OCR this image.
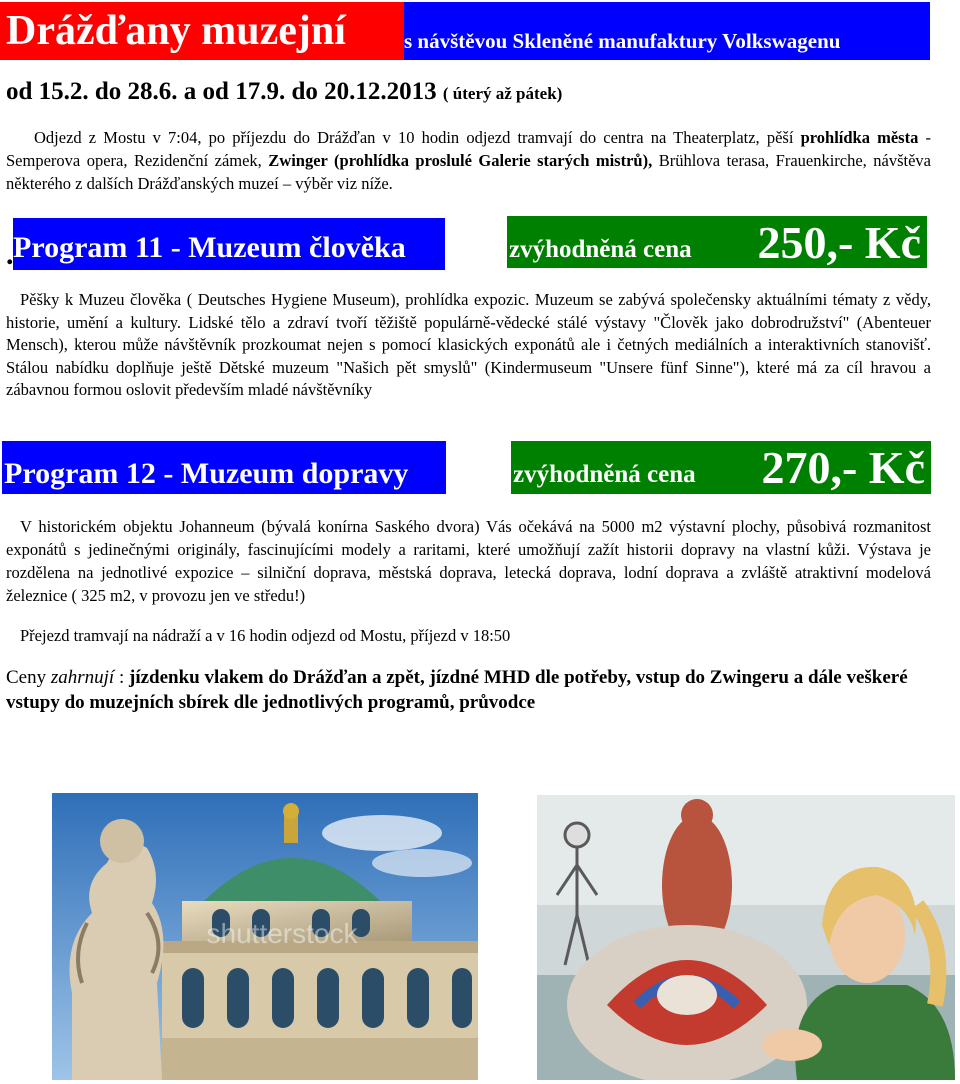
Drážďany muzejní	s návštěvou Skleněné manufaktury Volkswagenu
od 15.2. do 28.6. a od 17.9. do 20.12.2013 ( úterý až pátek)
Odjezd z Mostu v 7:04, po příjezdu do Drážďan v 10 hodin odjezd tramvají do centra na Theaterplatz, pěší prohlídka města - Semperova opera, Rezidenční zámek, Zwinger (prohlídka proslulé Galerie starých mistrů), Brühlova terasa, Frauenkirche, návštěva některého z dalších Drážďanských muzeí – výběr viz níže.
. Program 11 - Muzeum člověka	zvýhodněná cena 250,- Kč
Pěšky k Muzeu člověka ( Deutsches Hygiene Museum), prohlídka expozic. Muzeum se zabývá společensky aktuálními tématy z vědy, historie, umění a kultury. Lidské tělo a zdraví tvoří těžiště populárně-vědecké stálé výstavy "Člověk jako dobrodružství" (Abenteuer Mensch), kterou může návštěvník prozkoumat nejen s pomocí klasických exponátů ale i četných mediálních a interaktivních stanovišť. Stálou nabídku doplňuje ještě Dětské muzeum "Našich pět smyslů" (Kindermuseum "Unsere fünf Sinne"), které má za cíl hravou a zábavnou formou oslovit především mladé návštěvníky
Program 12 - Muzeum dopravy	zvýhodněná cena 270,- Kč
V historickém objektu Johanneum (bývalá konírna Saského dvora) Vás očekává na 5000 m2 výstavní plochy, působivá rozmanitost exponátů s jedinečnými originály, fascinujícími modely a raritami, které umožňují zažít historii dopravy na vlastní kůži. Výstava je rozdělena na jednotlivé expozice – silniční doprava, městská doprava, letecká doprava, lodní doprava a zvláště atraktivní modelová železnice ( 325 m2, v provozu jen ve středu!)
Přejezd tramvají na nádraží a v 16 hodin odjezd od Mostu, příjezd v 18:50
Ceny zahrnují : jízdenku vlakem do Drážďan a zpět, jízdné MHD dle potřeby, vstup do Zwingeru a dále veškeré vstupy do muzejních sbírek dle jednotlivých programů, průvodce
shutterstock
